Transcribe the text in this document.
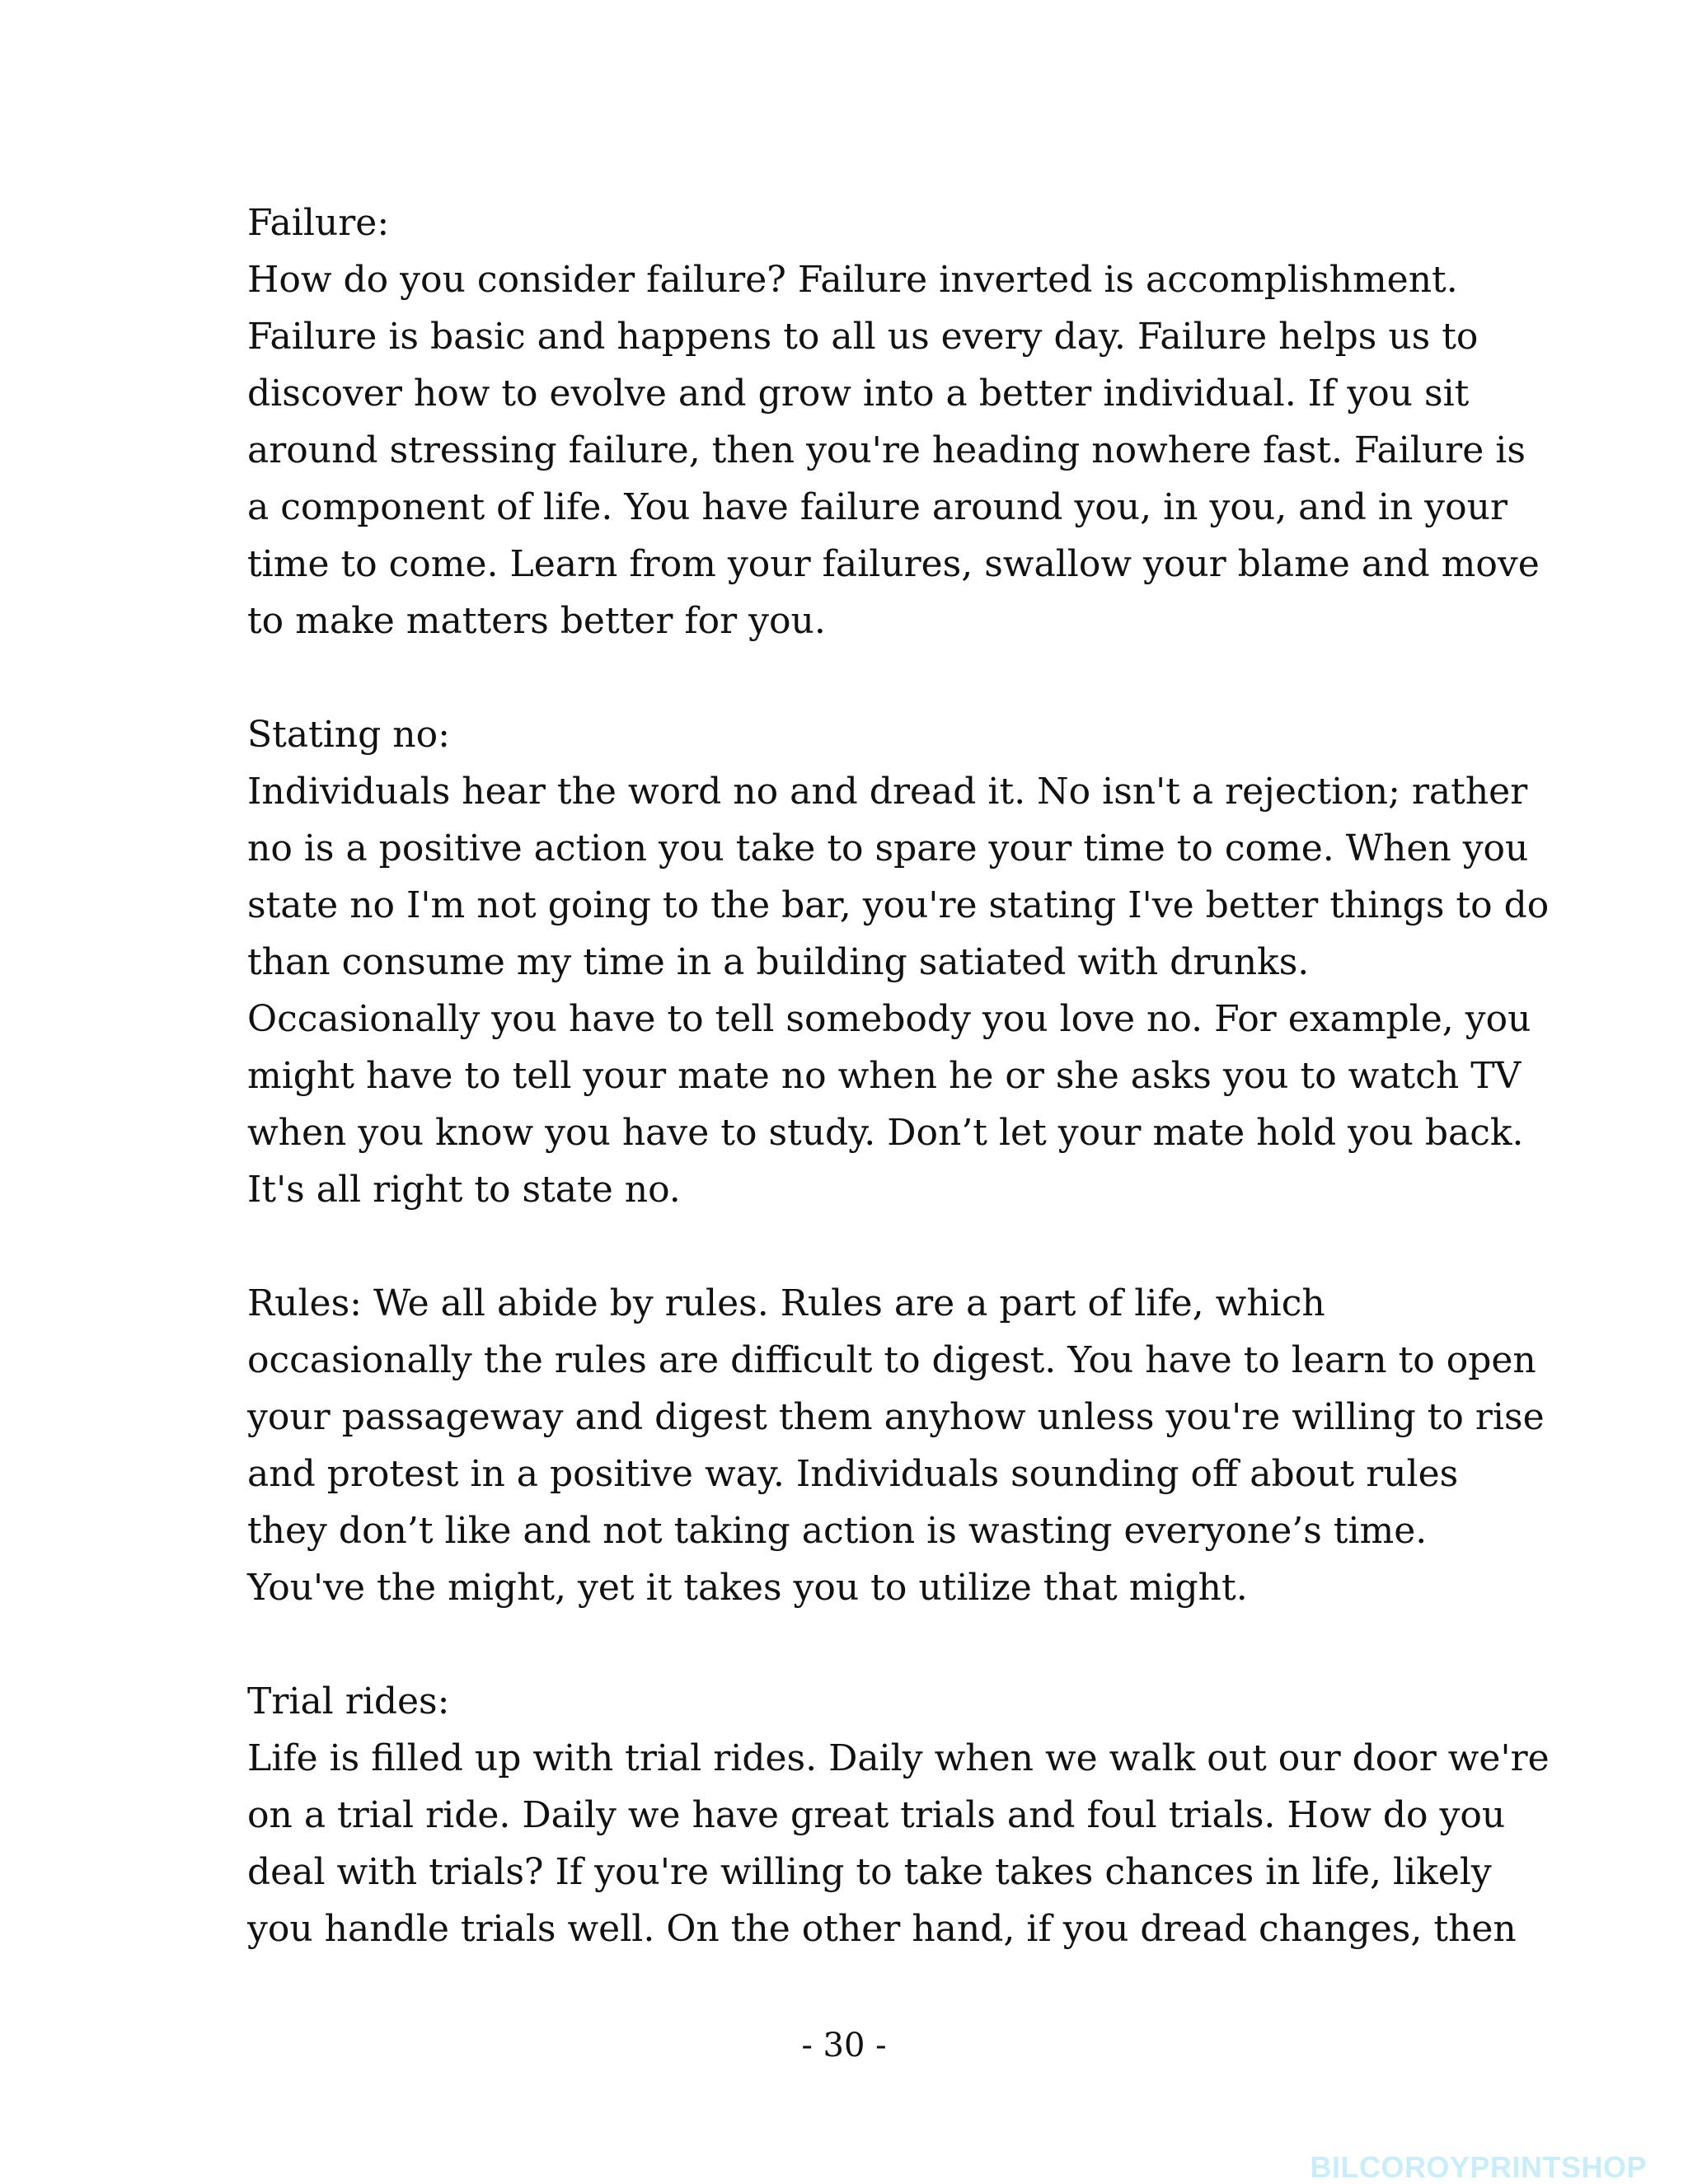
Failure:
How do you consider failure? Failure inverted is accomplishment.
Failure is basic and happens to all us every day. Failure helps us to
discover how to evolve and grow into a better individual. If you sit
around stressing failure, then you're heading nowhere fast. Failure is
a component of life. You have failure around you, in you, and in your
time to come. Learn from your failures, swallow your blame and move
to make matters better for you.
Stating no:
Individuals hear the word no and dread it. No isn't a rejection; rather
no is a positive action you take to spare your time to come. When you
state no I'm not going to the bar, you're stating I've better things to do
than consume my time in a building satiated with drunks.
Occasionally you have to tell somebody you love no. For example, you
might have to tell your mate no when he or she asks you to watch TV
when you know you have to study. Don’t let your mate hold you back.
It's all right to state no.
Rules: We all abide by rules. Rules are a part of life, which
occasionally the rules are difficult to digest. You have to learn to open
your passageway and digest them anyhow unless you're willing to rise
and protest in a positive way. Individuals sounding off about rules
they don’t like and not taking action is wasting everyone’s time.
You've the might, yet it takes you to utilize that might.
Trial rides:
Life is filled up with trial rides. Daily when we walk out our door we're
on a trial ride. Daily we have great trials and foul trials. How do you
deal with trials? If you're willing to take takes chances in life, likely
you handle trials well. On the other hand, if you dread changes, then
- 30 -
BILCOROYPRINTSHOP
